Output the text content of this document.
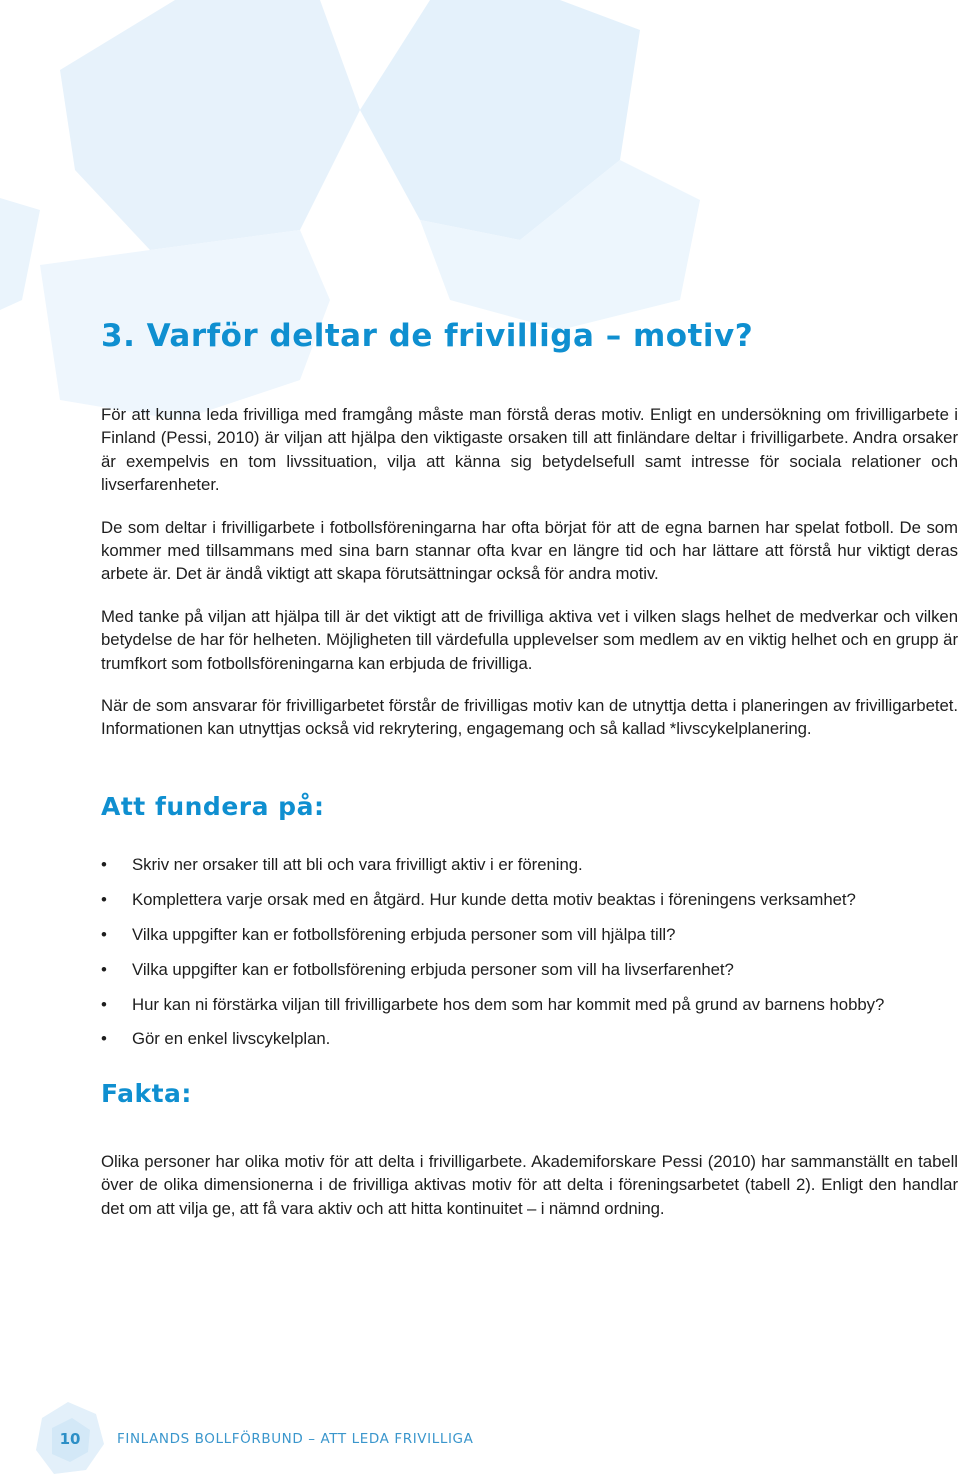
3. Varför deltar de frivilliga – motiv?

För att kunna leda frivilliga med framgång måste man förstå deras motiv. Enligt en undersökning om frivilligarbete i Finland (Pessi, 2010) är viljan att hjälpa den viktigaste orsaken till att finländare deltar i frivilligarbete. Andra orsaker är exempelvis en tom livssituation, vilja att känna sig betydelsefull samt intresse för sociala relationer och livserfarenheter.

De som deltar i frivilligarbete i fotbollsföreningarna har ofta börjat för att de egna barnen har spelat fotboll. De som kommer med tillsammans med sina barn stannar ofta kvar en längre tid och har lättare att förstå hur viktigt deras arbete är. Det är ändå viktigt att skapa förutsättningar också för andra motiv.

Med tanke på viljan att hjälpa till är det viktigt att de frivilliga aktiva vet i vilken slags helhet de medverkar och vilken betydelse de har för helheten. Möjligheten till värdefulla upplevelser som medlem av en viktig helhet och en grupp är trumfkort som fotbollsföreningarna kan erbjuda de frivilliga.

När de som ansvarar för frivilligarbetet förstår de frivilligas motiv kan de utnyttja detta i planeringen av frivilligarbetet. Informationen kan utnyttjas också vid rekrytering, engagemang och så kallad *livscykelplanering.

Att fundera på:
• Skriv ner orsaker till att bli och vara frivilligt aktiv i er förening.
• Komplettera varje orsak med en åtgärd. Hur kunde detta motiv beaktas i föreningens verksamhet?
• Vilka uppgifter kan er fotbollsförening erbjuda personer som vill hjälpa till?
• Vilka uppgifter kan er fotbollsförening erbjuda personer som vill ha livserfarenhet?
• Hur kan ni förstärka viljan till frivilligarbete hos dem som har kommit med på grund av barnens hobby?
• Gör en enkel livscykelplan.
Fakta:

Olika personer har olika motiv för att delta i frivilligarbete. Akademiforskare Pessi (2010) har sammanställt en tabell över de olika dimensionerna i de frivilliga aktivas motiv för att delta i föreningsarbetet (tabell 2). Enligt den handlar det om att vilja ge, att få vara aktiv och att hitta kontinuitet – i nämnd ordning.

10	FINLANDS BOLLFÖRBUND – ATT LEDA FRIVILLIGA
